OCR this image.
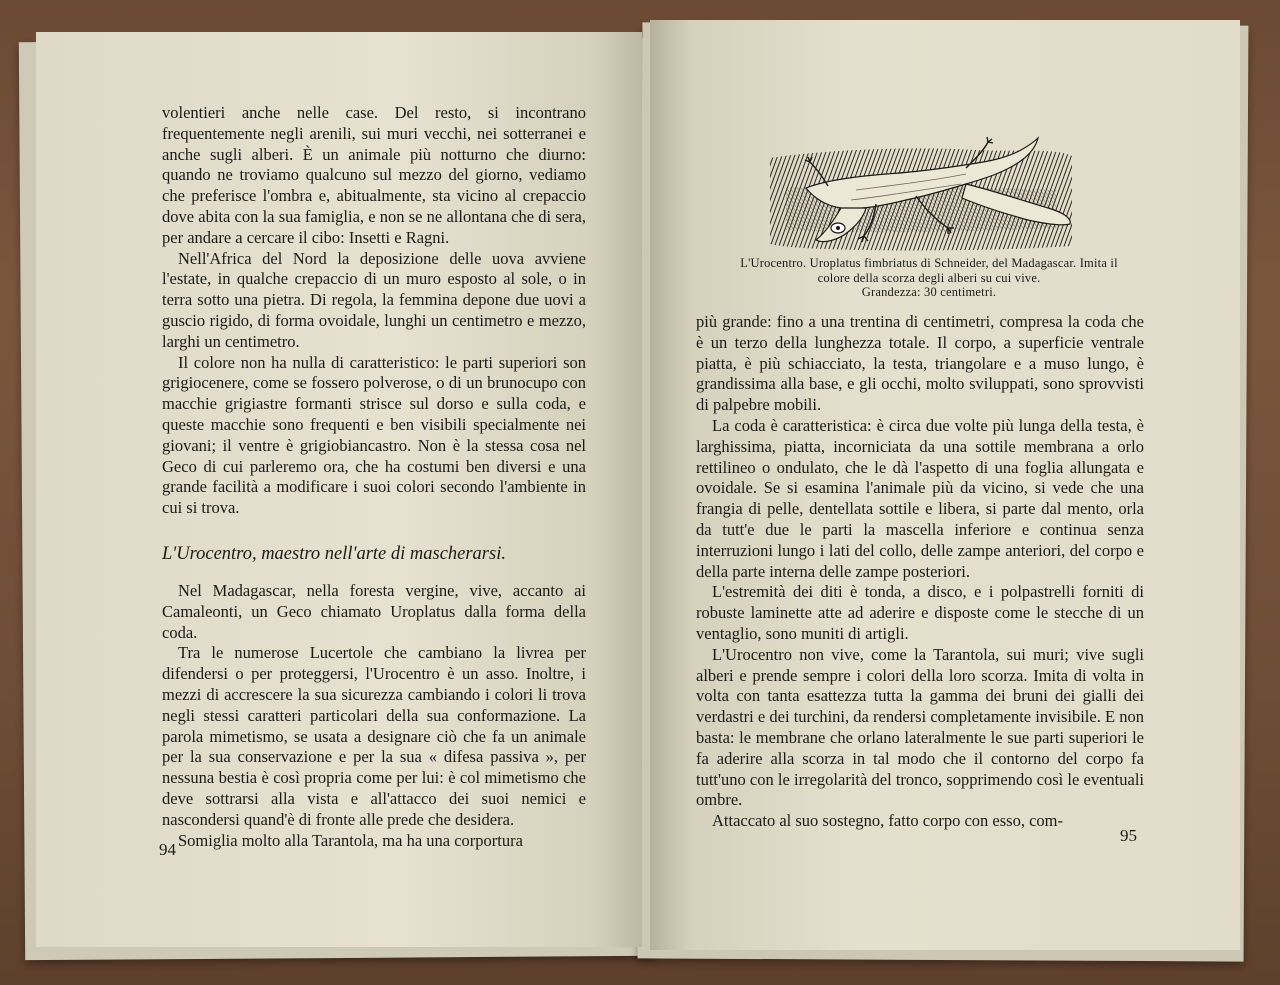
volentieri anche nelle case. Del resto, si incontrano frequentemente negli arenili, sui muri vecchi, nei sotterranei e anche sugli alberi. È un animale più notturno che diurno: quando ne troviamo qualcuno sul mezzo del giorno, vediamo che preferisce l'ombra e, abitualmente, sta vicino al crepaccio dove abita con la sua famiglia, e non se ne allontana che di sera, per andare a cercare il cibo: Insetti e Ragni.

Nell'Africa del Nord la deposizione delle uova avviene l'estate, in qualche crepaccio di un muro esposto al sole, o in terra sotto una pietra. Di regola, la femmina depone due uovi a guscio rigido, di forma ovoidale, lunghi un centimetro e mezzo, larghi un centimetro.

Il colore non ha nulla di caratteristico: le parti superiori son grigiocenere, come se fossero polverose, o di un brunocupo con macchie grigiastre formanti strisce sul dorso e sulla coda, e queste macchie sono frequenti e ben visibili specialmente nei giovani; il ventre è grigiobiancastro. Non è la stessa cosa nel Geco di cui parleremo ora, che ha costumi ben diversi e una grande facilità a modificare i suoi colori secondo l'ambiente in cui si trova.

L'Urocentro, maestro nell'arte di mascherarsi.

Nel Madagascar, nella foresta vergine, vive, accanto ai Camaleonti, un Geco chiamato Uroplatus dalla forma della coda.

Tra le numerose Lucertole che cambiano la livrea per difendersi o per proteggersi, l'Urocentro è un asso. Inoltre, i mezzi di accrescere la sua sicurezza cambiando i colori li trova negli stessi caratteri particolari della sua conformazione. La parola mimetismo, se usata a designare ciò che fa un animale per la sua conservazione e per la sua « difesa passiva », per nessuna bestia è così propria come per lui: è col mimetismo che deve sottrarsi alla vista e all'attacco dei suoi nemici e nascondersi quand'è di fronte alle prede che desidera.

Somiglia molto alla Tarantola, ma ha una corportura

94
L'Urocentro. Uroplatus fimbriatus di Schneider, del Madagascar. Imita il colore della scorza degli alberi su cui vive.
Grandezza: 30 centimetri.

più grande: fino a una trentina di centimetri, compresa la coda che è un terzo della lunghezza totale. Il corpo, a superficie ventrale piatta, è più schiacciato, la testa, triangolare e a muso lungo, è grandissima alla base, e gli occhi, molto sviluppati, sono sprovvisti di palpebre mobili.

La coda è caratteristica: è circa due volte più lunga della testa, è larghissima, piatta, incorniciata da una sottile membrana a orlo rettilineo o ondulato, che le dà l'aspetto di una foglia allungata e ovoidale. Se si esamina l'animale più da vicino, si vede che una frangia di pelle, dentellata sottile e libera, si parte dal mento, orla da tutt'e due le parti la mascella inferiore e continua senza interruzioni lungo i lati del collo, delle zampe anteriori, del corpo e della parte interna delle zampe posteriori.

L'estremità dei diti è tonda, a disco, e i polpastrelli forniti di robuste laminette atte ad aderire e disposte come le stecche di un ventaglio, sono muniti di artigli.

L'Urocentro non vive, come la Tarantola, sui muri; vive sugli alberi e prende sempre i colori della loro scorza. Imita di volta in volta con tanta esattezza tutta la gamma dei bruni dei gialli dei verdastri e dei turchini, da rendersi completamente invisibile. E non basta: le membrane che orlano lateralmente le sue parti superiori le fa aderire alla scorza in tal modo che il contorno del corpo fa tutt'uno con le irregolarità del tronco, sopprimendo così le eventuali ombre.

Attaccato al suo sostegno, fatto corpo con esso, com-

95
